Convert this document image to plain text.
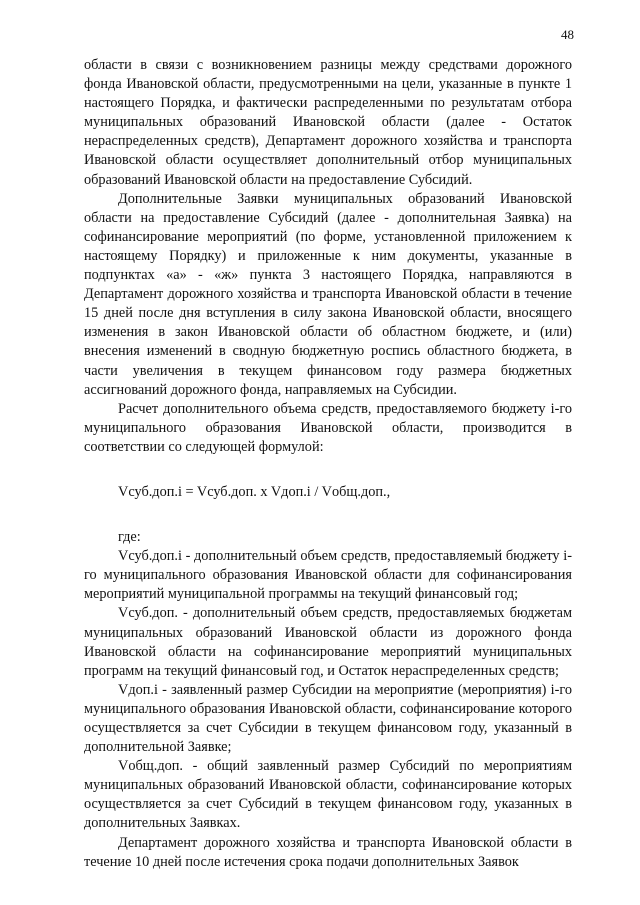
48

области в связи с возникновением разницы между средствами дорожного фонда Ивановской области, предусмотренными на цели, указанные в пункте 1 настоящего Порядка, и фактически распределенными по результатам отбора муниципальных образований Ивановской области (далее - Остаток нераспределенных средств), Департамент дорожного хозяйства и транспорта Ивановской области осуществляет дополнительный отбор муниципальных образований Ивановской области на предоставление Субсидий.

Дополнительные Заявки муниципальных образований Ивановской области на предоставление Субсидий (далее - дополнительная Заявка) на софинансирование мероприятий (по форме, установленной приложением к настоящему Порядку) и приложенные к ним документы, указанные в подпунктах «а» - «ж» пункта 3 настоящего Порядка, направляются в Департамент дорожного хозяйства и транспорта Ивановской области в течение 15 дней после дня вступления в силу закона Ивановской области, вносящего изменения в закон Ивановской области об областном бюджете, и (или) внесения изменений в сводную бюджетную роспись областного бюджета, в части увеличения в текущем финансовом году размера бюджетных ассигнований дорожного фонда, направляемых на Субсидии.

Расчет дополнительного объема средств, предоставляемого бюджету i-го муниципального образования Ивановской области, производится в соответствии со следующей формулой:

Vсуб.доп.i = Vсуб.доп. x Vдоп.i / Vобщ.доп.,

где:

Vсуб.доп.i - дополнительный объем средств, предоставляемый бюджету i-го муниципального образования Ивановской области для софинансирования мероприятий муниципальной программы на текущий финансовый год;

Vсуб.доп. - дополнительный объем средств, предоставляемых бюджетам муниципальных образований Ивановской области из дорожного фонда Ивановской области на софинансирование мероприятий муниципальных программ на текущий финансовый год, и Остаток нераспределенных средств;

Vдоп.i - заявленный размер Субсидии на мероприятие (мероприятия) i-го муниципального образования Ивановской области, софинансирование которого осуществляется за счет Субсидии в текущем финансовом году, указанный в дополнительной Заявке;

Vобщ.доп. - общий заявленный размер Субсидий по мероприятиям муниципальных образований Ивановской области, софинансирование которых осуществляется за счет Субсидий в текущем финансовом году, указанных в дополнительных Заявках.

Департамент дорожного хозяйства и транспорта Ивановской области в течение 10 дней после истечения срока подачи дополнительных Заявок
